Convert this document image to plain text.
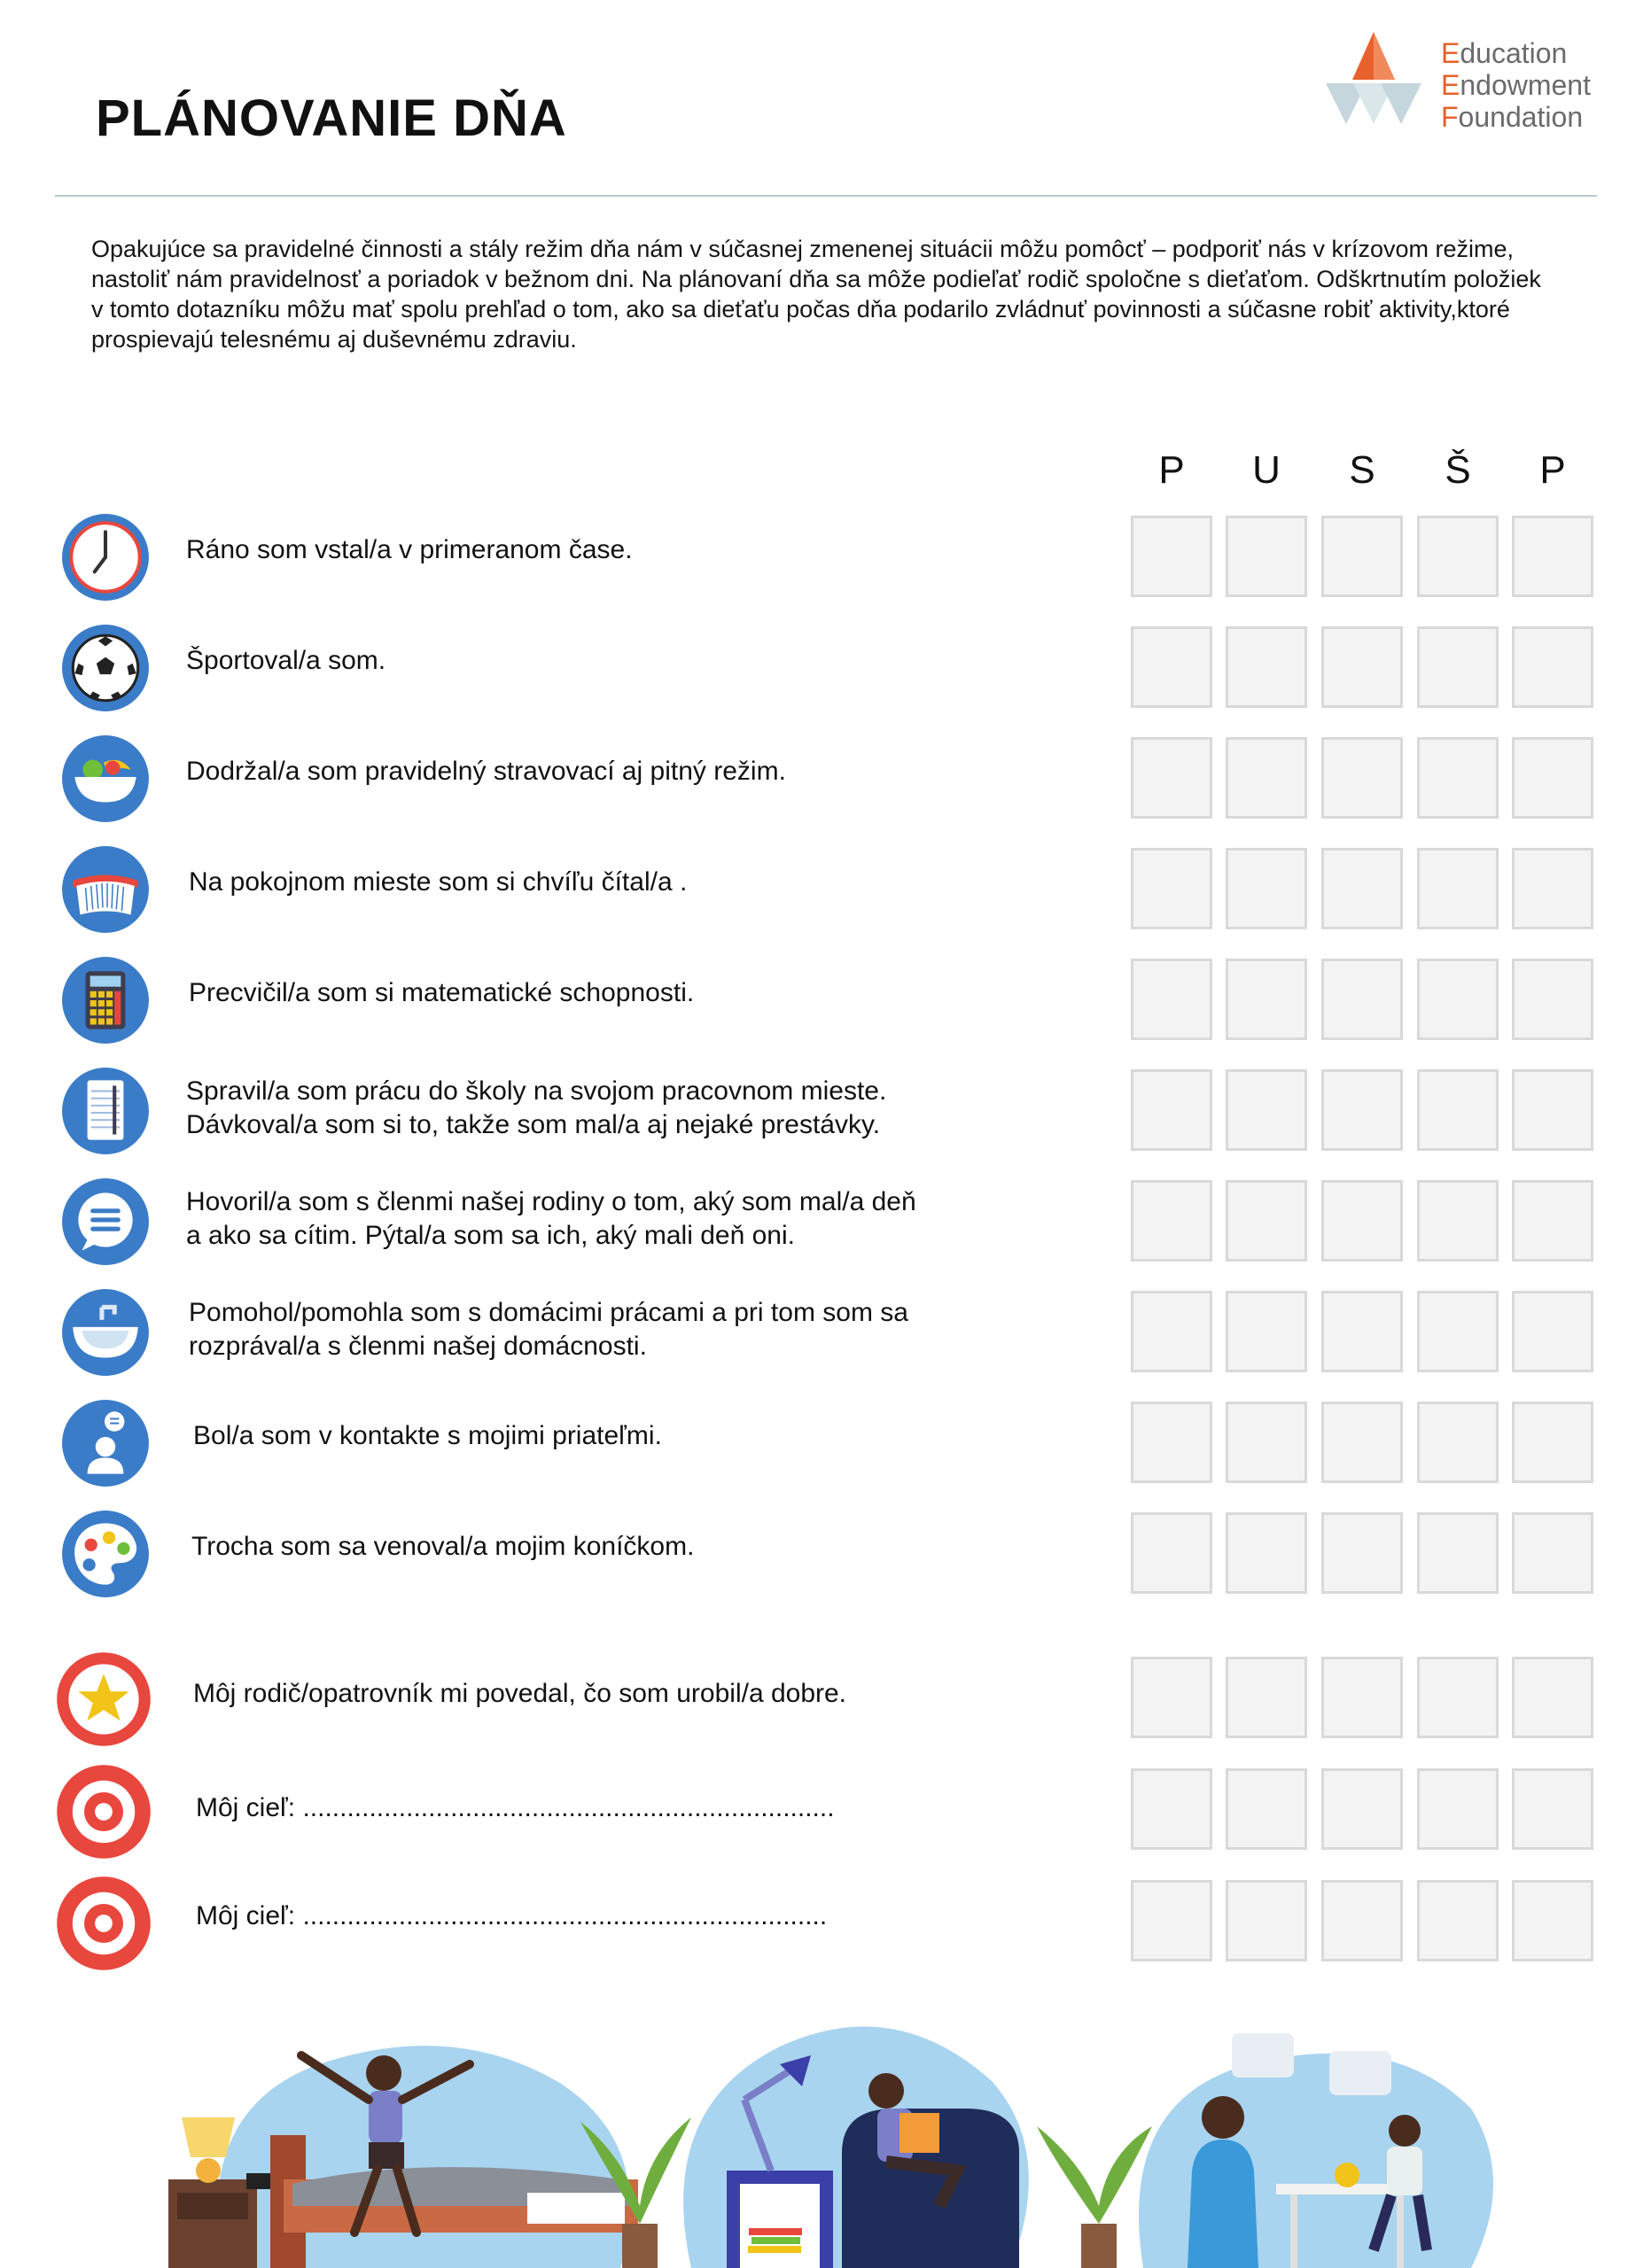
PLÁNOVANIE DŇA
Education
Endowment
Foundation
Opakujúce sa pravidelné činnosti a stály režim dňa nám v súčasnej zmenenej situácii môžu pomôcť – podporiť nás v krízovom režime, nastoliť nám pravidelnosť a poriadok v bežnom dni. Na plánovaní dňa sa môže podieľať rodič spoločne s dieťaťom. Odškrtnutím položiek v tomto dotazníku môžu mať spolu prehľad o tom, ako sa dieťaťu počas dňa podarilo zvládnuť povinnosti a súčasne robiť aktivity,ktoré prospievajú telesnému aj duševnému zdraviu.
P	U	S	Š	P
Ráno som vstal/a v primeranom čase.
Športoval/a som.
Dodržal/a som pravidelný stravovací aj pitný režim.
Na pokojnom mieste som si chvíľu čítal/a .
Precvičil/a som si matematické schopnosti.
Spravil/a som prácu do školy na svojom pracovnom mieste.
Dávkoval/a som si to, takže som mal/a aj nejaké prestávky.
Hovoril/a som s členmi našej rodiny o tom, aký som mal/a deň
a ako sa cítim. Pýtal/a som sa ich, aký mali deň oni.
Pomohol/pomohla som s domácimi prácami a pri tom som sa
rozprával/a s členmi našej domácnosti.
Bol/a som v kontakte s mojimi priateľmi.
Trocha som sa venoval/a mojim koníčkom.
Môj rodič/opatrovník mi povedal, čo som urobil/a dobre.
Môj cieľ: ........................................................................
Môj cieľ: .......................................................................
